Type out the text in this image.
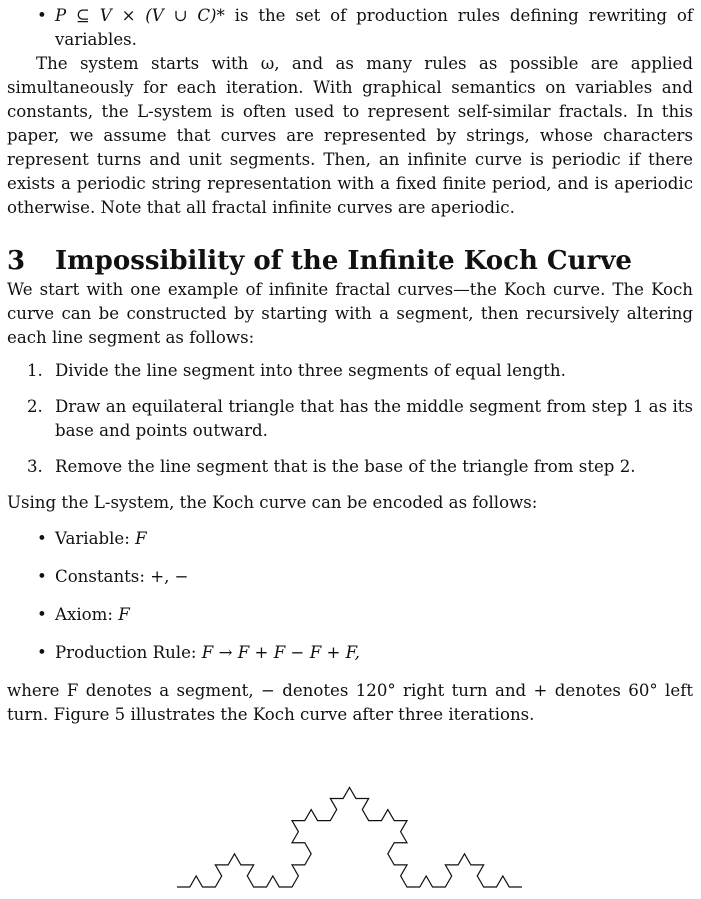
• P ⊆ V × (V ∪ C)* is the set of production rules defining rewriting of variables.

The system starts with ω, and as many rules as possible are applied simultaneously for each iteration. With graphical semantics on variables and constants, the L-system is often used to represent self-similar fractals. In this paper, we assume that curves are represented by strings, whose characters represent turns and unit segments. Then, an infinite curve is periodic if there exists a periodic string representation with a fixed finite period, and is aperiodic otherwise. Note that all fractal infinite curves are aperiodic.

3	Impossibility of the Infinite Koch Curve

We start with one example of infinite fractal curves—the Koch curve. The Koch curve can be constructed by starting with a segment, then recursively altering each line segment as follows:

1. Divide the line segment into three segments of equal length.
2. Draw an equilateral triangle that has the middle segment from step 1 as its base and points outward.
3. Remove the line segment that is the base of the triangle from step 2.

Using the L-system, the Koch curve can be encoded as follows:

• Variable: F
• Constants: +, −
• Axiom: F
• Production Rule: F → F + F − F + F,

where F denotes a segment, − denotes 120° right turn and + denotes 60° left turn. Figure 5 illustrates the Koch curve after three iterations.
